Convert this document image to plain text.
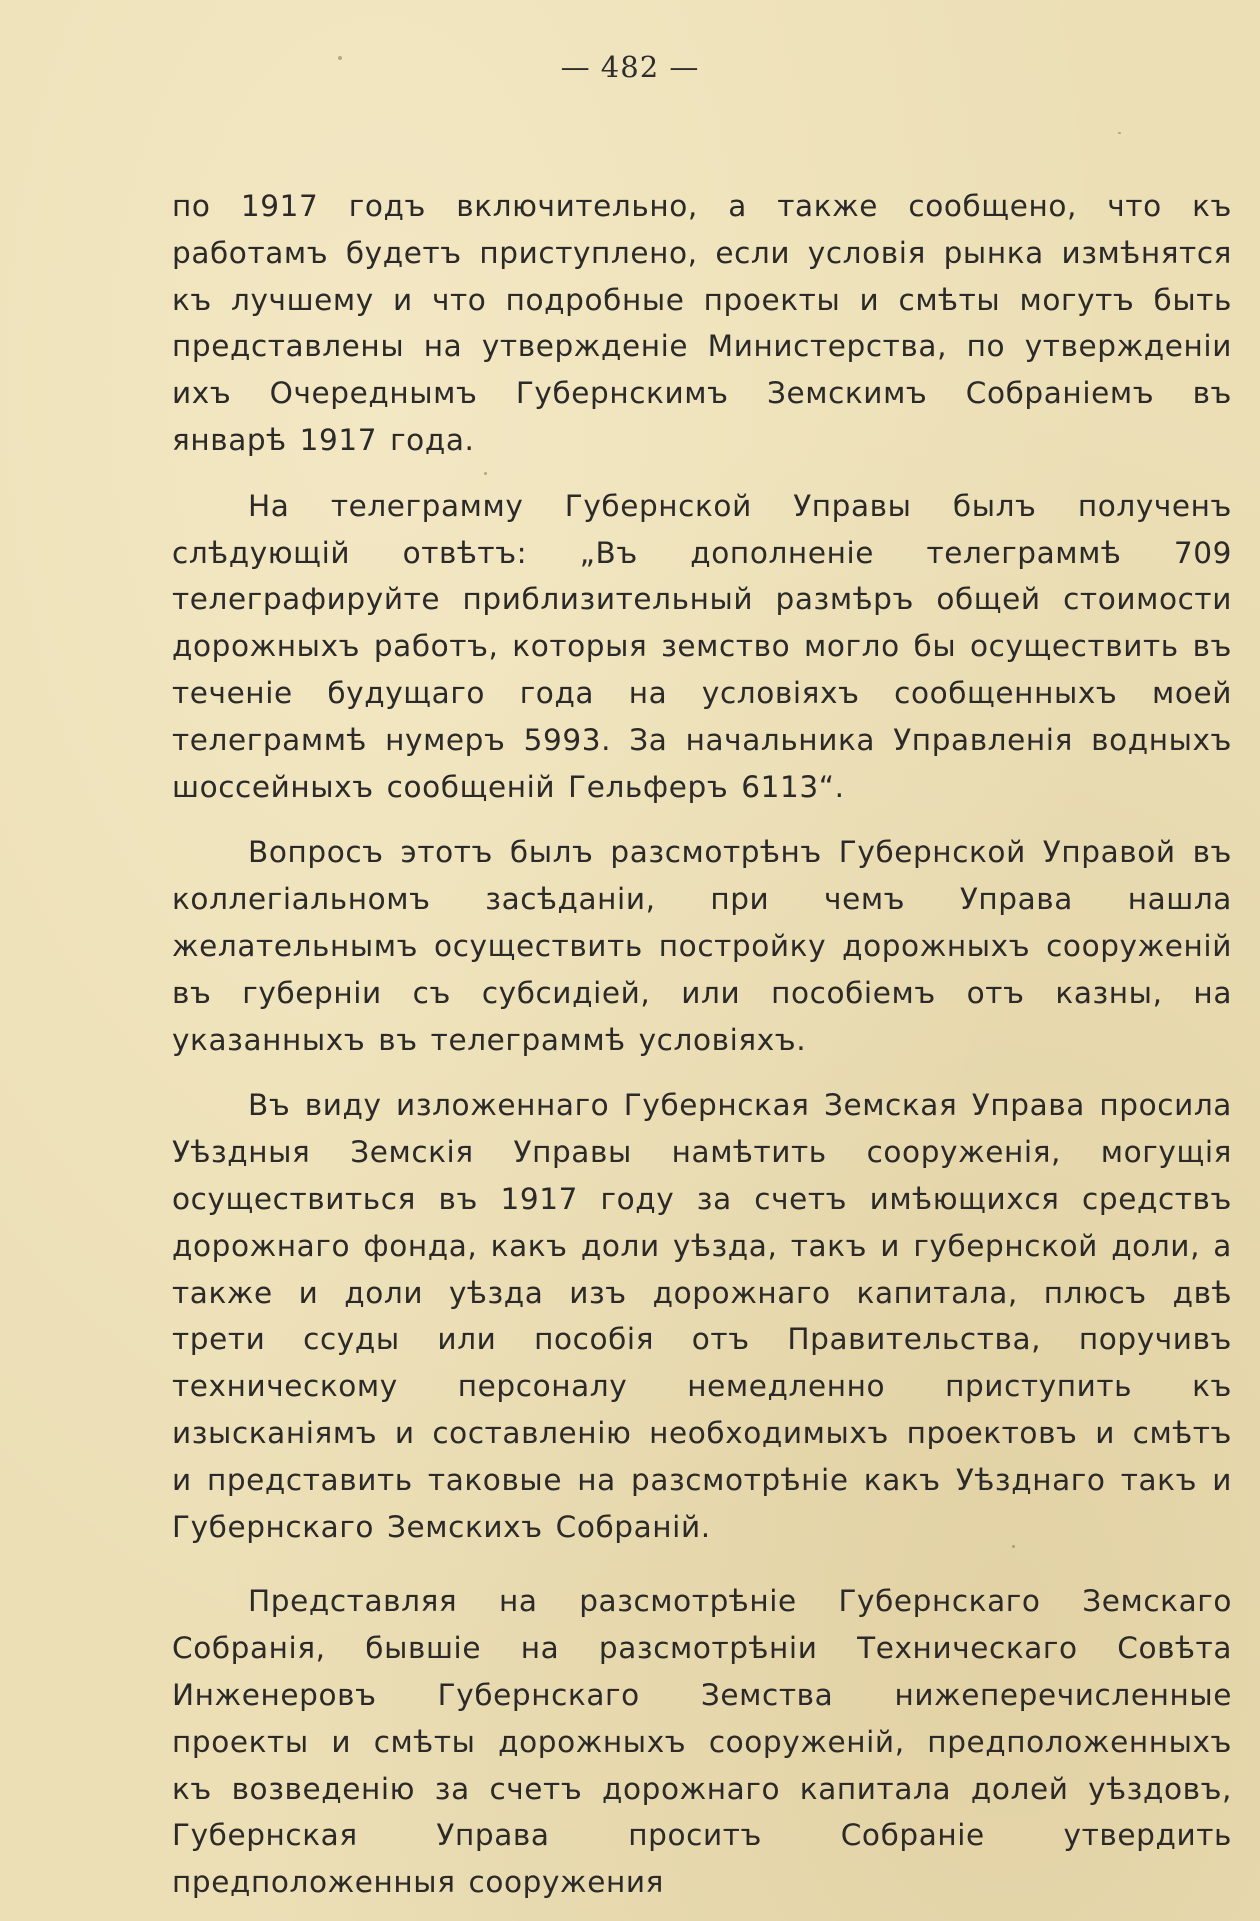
— 482 —

по 1917 годъ включительно, а также сообщено, что къ работамъ будетъ приступлено, если условія рынка измѣнятся къ лучшему и что подробные проекты и смѣты могутъ быть представлены на утвержденіе Министерства, по утвержденіи ихъ Очереднымъ Губернскимъ Земскимъ Собраніемъ въ январѣ 1917 года.

На телеграмму Губернской Управы былъ полученъ слѣдующій отвѣтъ: „Въ дополненіе телеграммѣ 709 телеграфируйте приблизительный размѣръ общей стоимости дорожныхъ работъ, которыя земство могло бы осуществить въ теченіе будущаго года на условіяхъ сообщенныхъ моей телеграммѣ нумеръ 5993. За начальника Управленія водныхъ шоссейныхъ сообщеній Гельферъ 6113“.

Вопросъ этотъ былъ разсмотрѣнъ Губернской Управой въ коллегіальномъ засѣданіи, при чемъ Управа нашла желательнымъ осуществить постройку дорожныхъ сооруженій въ губерніи съ субсидіей, или пособіемъ отъ казны, на указанныхъ въ телеграммѣ условіяхъ.

Въ виду изложеннаго Губернская Земская Управа просила Уѣздныя Земскія Управы намѣтить сооруженія, могущія осуществиться въ 1917 году за счетъ имѣющихся средствъ дорожнаго фонда, какъ доли уѣзда, такъ и губернской доли, а также и доли уѣзда изъ дорожнаго капитала, плюсъ двѣ трети ссуды или пособія отъ Правительства, поручивъ техническому персоналу немедленно приступить къ изысканіямъ и составленію необходимыхъ проектовъ и смѣтъ и представить таковые на разсмотрѣніе какъ Уѣзднаго такъ и Губернскаго Земскихъ Собраній.

Представляя на разсмотрѣніе Губернскаго Земскаго Собранія, бывшіе на разсмотрѣніи Техническаго Совѣта Инженеровъ Губернскаго Земства нижеперечисленные проекты и смѣты дорожныхъ сооруженій, предположенныхъ къ возведенію за счетъ дорожнаго капитала долей уѣздовъ, Губернская Управа проситъ Собраніе утвердить предположенныя сооружения
